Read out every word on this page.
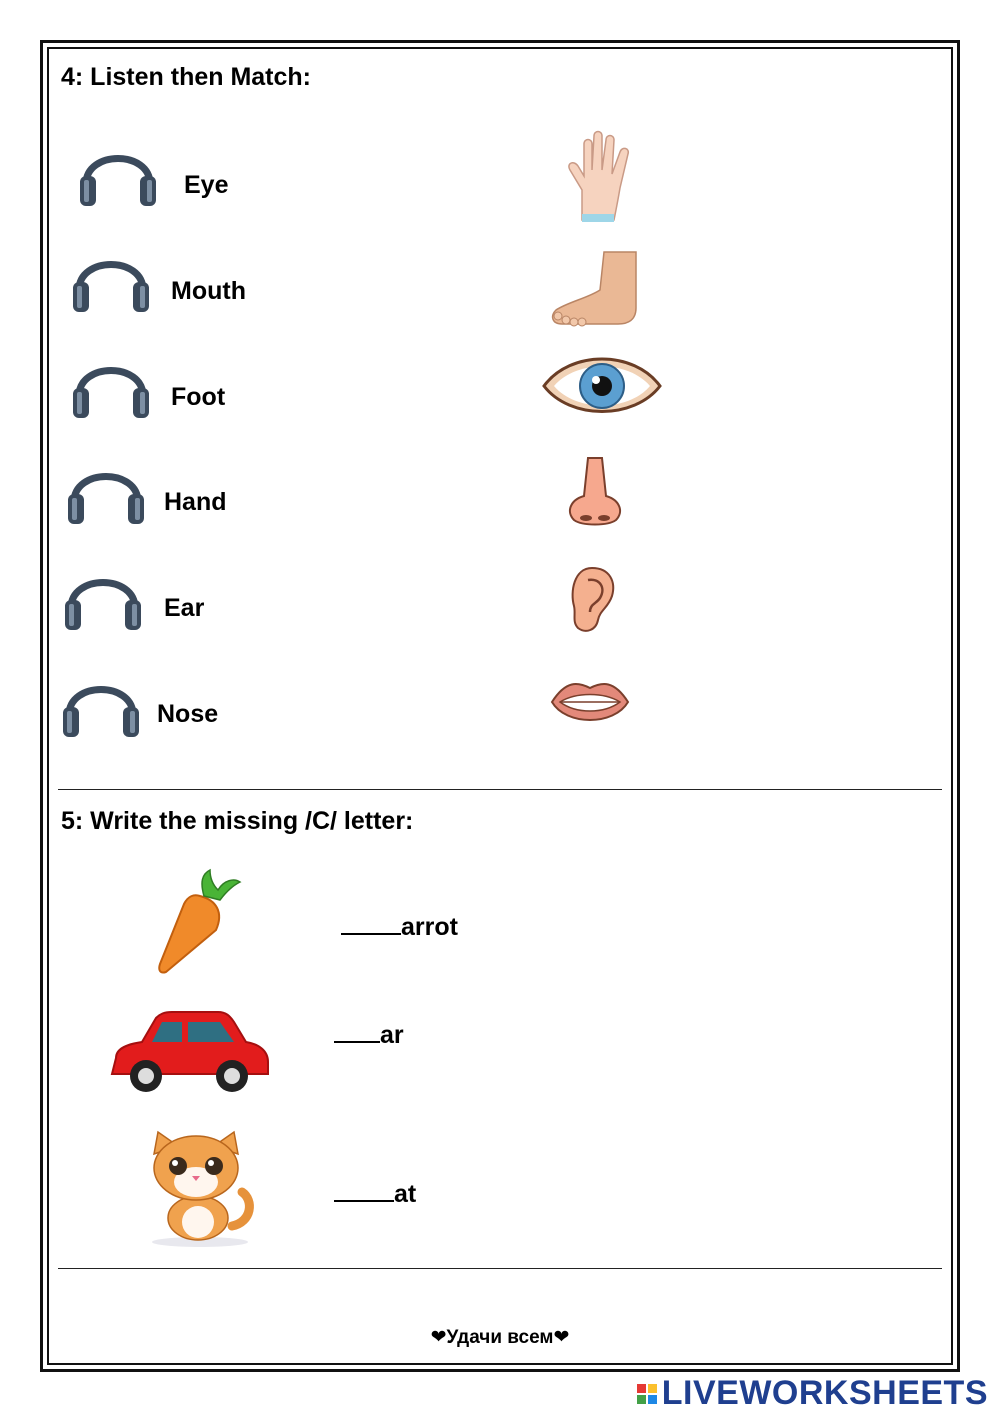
4: Listen then Match:
Eye
Mouth
Foot
Hand
Ear
Nose
5: Write the missing /C/ letter:
arrot
ar
at
❤Удачи всем❤
LIVEWORKSHEETS
